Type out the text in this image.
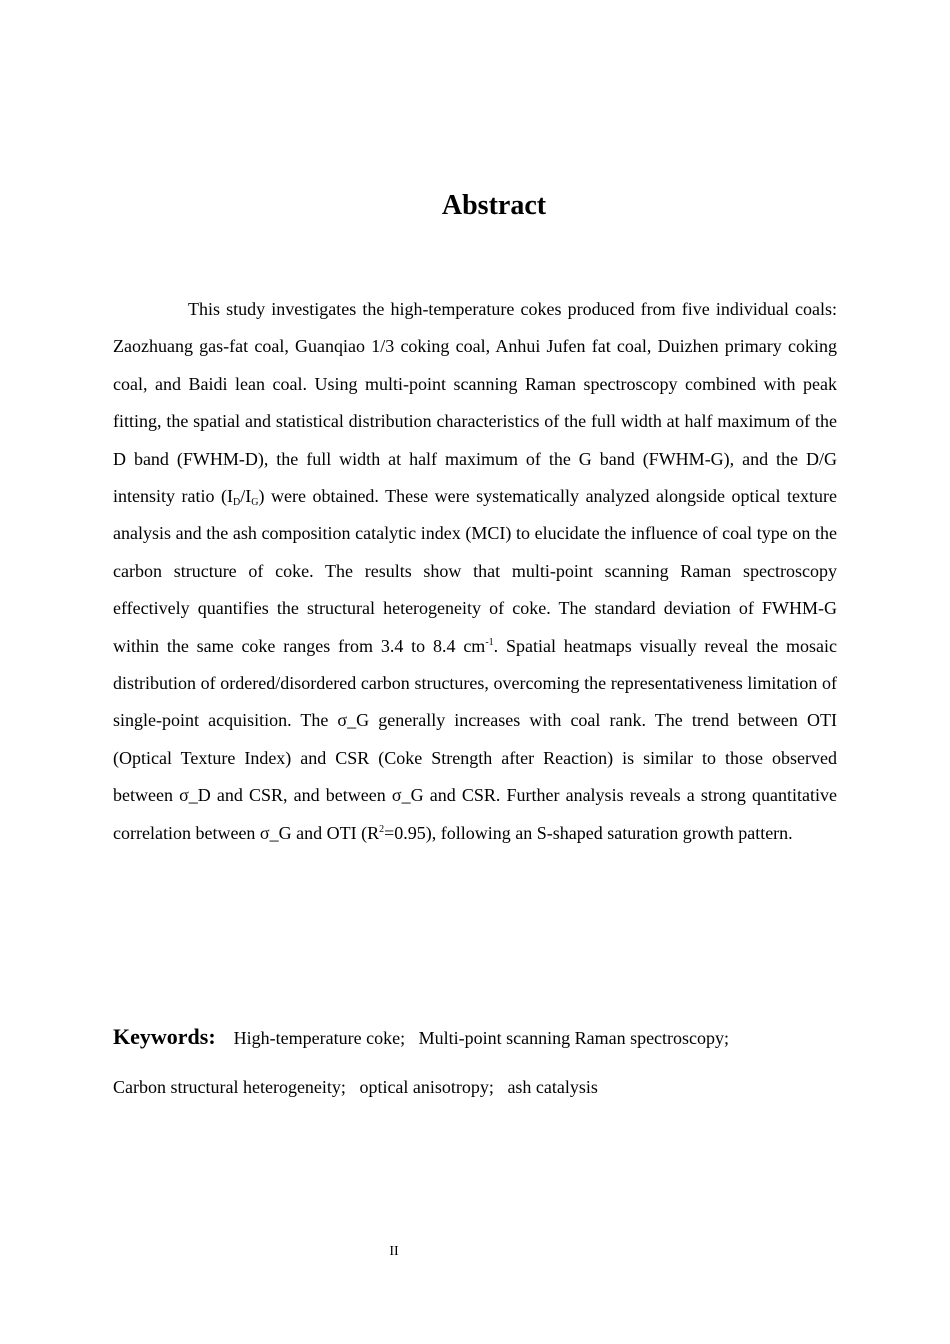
Abstract

This study investigates the high-temperature cokes produced from five individual coals: Zaozhuang gas-fat coal, Guanqiao 1/3 coking coal, Anhui Jufen fat coal, Duizhen primary coking coal, and Baidi lean coal. Using multi-point scanning Raman spectroscopy combined with peak fitting, the spatial and statistical distribution characteristics of the full width at half maximum of the D band (FWHM-D), the full width at half maximum of the G band (FWHM-G), and the D/G intensity ratio $(I_D/I_G)$ were obtained. These were systematically analyzed alongside optical texture analysis and the ash composition catalytic index (MCI) to elucidate the influence of coal type on the carbon structure of coke. The results show that multi-point scanning Raman spectroscopy effectively quantifies the structural heterogeneity of coke. The standard deviation of FWHM-G within the same coke ranges from 3.4 to 8.4 $cm^{-1}$. Spatial heatmaps visually reveal the mosaic distribution of ordered/disordered carbon structures, overcoming the representativeness limitation of single-point acquisition. The σ_G generally increases with coal rank. The trend between OTI (Optical Texture Index) and CSR (Coke Strength after Reaction) is similar to those observed between σ_D and CSR, and between σ_G and CSR. Further analysis reveals a strong quantitative correlation between σ_G and OTI $(R^2=0.95)$, following an S-shaped saturation growth pattern.

Keywords: High-temperature coke; Multi-point scanning Raman spectroscopy;
Carbon structural heterogeneity; optical anisotropy; ash catalysis

II
